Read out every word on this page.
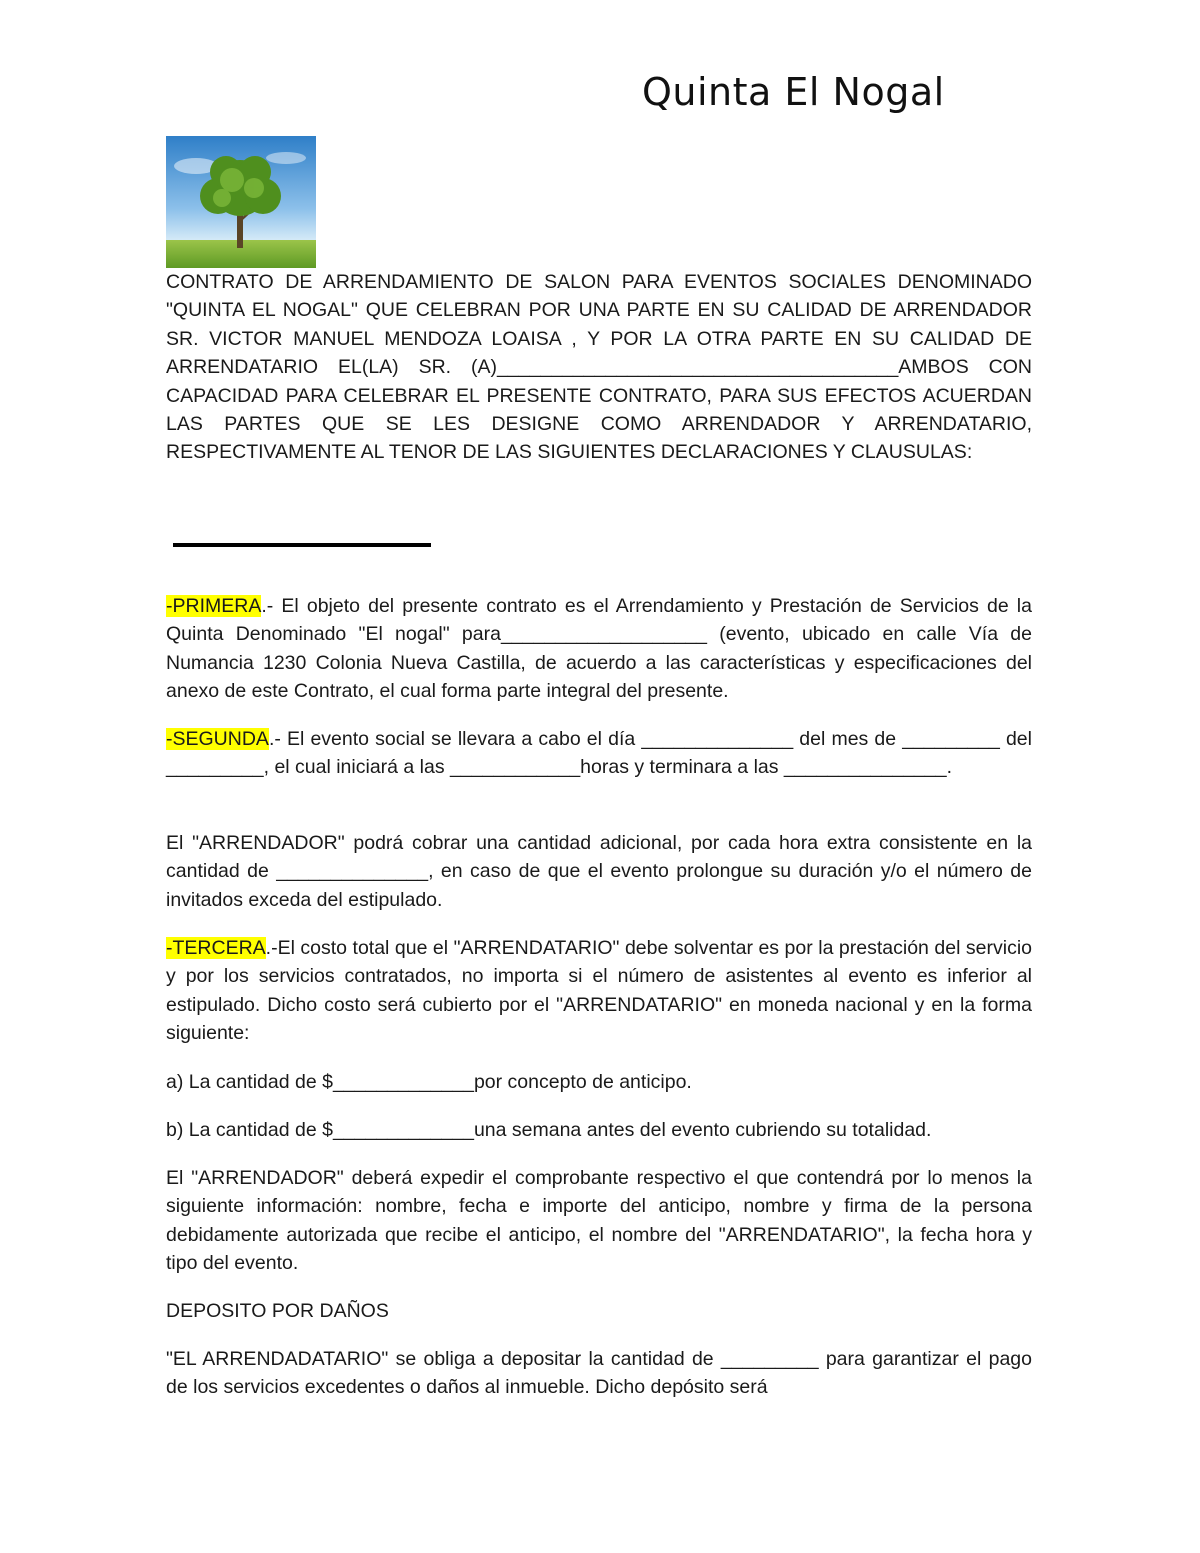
Quinta El Nogal

CONTRATO DE ARRENDAMIENTO DE SALON PARA EVENTOS SOCIALES DENOMINADO "QUINTA EL NOGAL" QUE CELEBRAN POR UNA PARTE EN SU CALIDAD DE ARRENDADOR SR. VICTOR MANUEL MENDOZA LOAISA , Y POR LA OTRA PARTE EN SU CALIDAD DE ARRENDATARIO EL(LA) SR. (A)_____________________________________AMBOS CON CAPACIDAD PARA CELEBRAR EL PRESENTE CONTRATO, PARA SUS EFECTOS ACUERDAN LAS PARTES QUE SE LES DESIGNE COMO ARRENDADOR Y ARRENDATARIO, RESPECTIVAMENTE AL TENOR DE LAS SIGUIENTES DECLARACIONES Y CLAUSULAS:

-PRIMERA.- El objeto del presente contrato es el Arrendamiento y Prestación de Servicios de la Quinta Denominado "El nogal" para___________________ (evento, ubicado en calle Vía de Numancia 1230 Colonia Nueva Castilla, de acuerdo a las características y especificaciones del anexo de este Contrato, el cual forma parte integral del presente.

-SEGUNDA.- El evento social se llevara a cabo el día ______________ del mes de _________ del _________, el cual iniciará a las ____________horas y terminara a las _______________.

El "ARRENDADOR" podrá cobrar una cantidad adicional, por cada hora extra consistente en la cantidad de ______________, en caso de que el evento prolongue su duración y/o el número de invitados exceda del estipulado.

-TERCERA.-El costo total que el "ARRENDATARIO" debe solventar es por la prestación del servicio y por los servicios contratados, no importa si el número de asistentes al evento es inferior al estipulado. Dicho costo será cubierto por el "ARRENDATARIO" en moneda nacional y en la forma siguiente:

a) La cantidad de $_____________por concepto de anticipo.

b) La cantidad de $_____________una semana antes del evento cubriendo su totalidad.

El "ARRENDADOR" deberá expedir el comprobante respectivo el que contendrá por lo menos la siguiente información: nombre, fecha e importe del anticipo, nombre y firma de la persona debidamente autorizada que recibe el anticipo, el nombre del "ARRENDATARIO", la fecha hora y tipo del evento.

DEPOSITO POR DAÑOS

"EL ARRENDADATARIO" se obliga a depositar la cantidad de _________ para garantizar el pago de los servicios excedentes o daños al inmueble. Dicho depósito será
